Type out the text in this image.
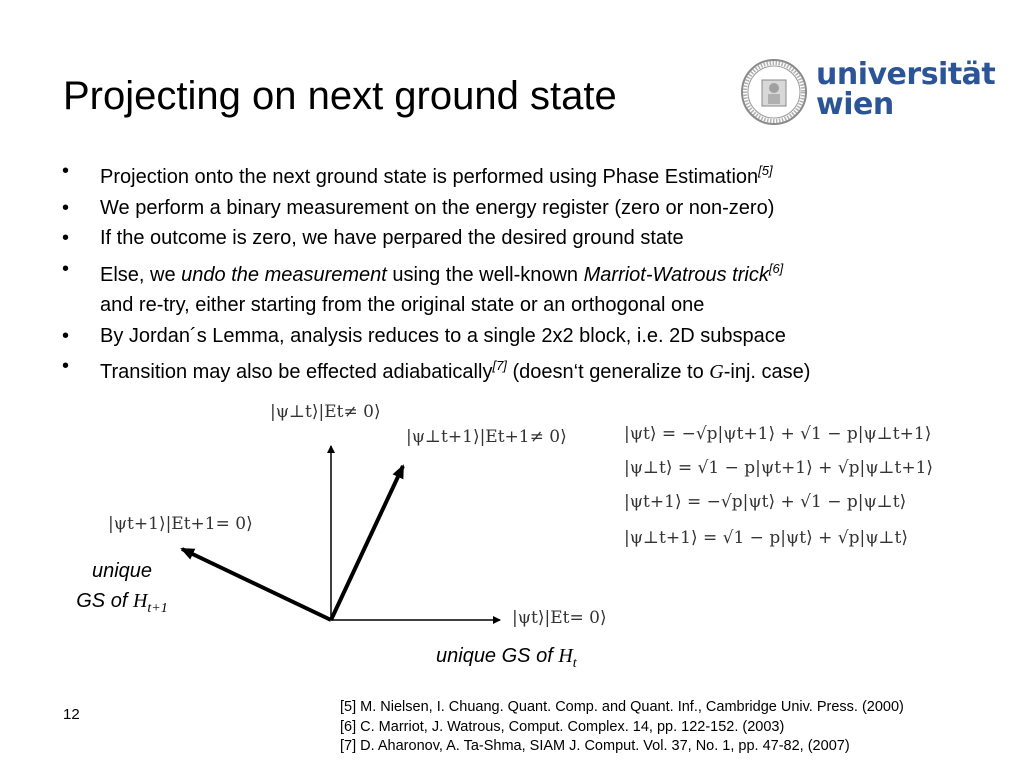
Projecting on next ground state	universität
wien
• Projection onto the next ground state is performed using Phase Estimation[5]
• We perform a binary measurement on the energy register (zero or non-zero)
• If the outcome is zero, we have perpared the desired ground state
• Else, we undo the measurement using the well-known Marriot-Watrous trick[6]
and re-try, either starting from the original state or an orthogonal one
• By Jordan´s Lemma, analysis reduces to a single 2x2 block, i.e. 2D subspace
• Transition may also be effected adiabatically[7] (doesn‘t generalize to G-inj. case)
|ψ⊥t⟩|Et≠ 0⟩
|ψ⊥t+1⟩|Et+1≠ 0⟩
|ψt+1⟩|Et+1= 0⟩
|ψt⟩|Et= 0⟩
unique
GS of $H_{t+1}$
unique GS of $H_t$
|ψt⟩ = −√p|ψt+1⟩ + √1 − p|ψ⊥t+1⟩
|ψ⊥t⟩ = √1 − p|ψt+1⟩ + √p|ψ⊥t+1⟩
|ψt+1⟩ = −√p|ψt⟩ + √1 − p|ψ⊥t⟩
|ψ⊥t+1⟩ = √1 − p|ψt⟩ + √p|ψ⊥t⟩
12	[5] M. Nielsen, I. Chuang. Quant. Comp. and Quant. Inf., Cambridge Univ. Press. (2000)
[6] C. Marriot, J. Watrous, Comput. Complex. 14, pp. 122-152. (2003)
[7] D. Aharonov, A. Ta-Shma, SIAM J. Comput. Vol. 37, No. 1, pp. 47-82, (2007)
